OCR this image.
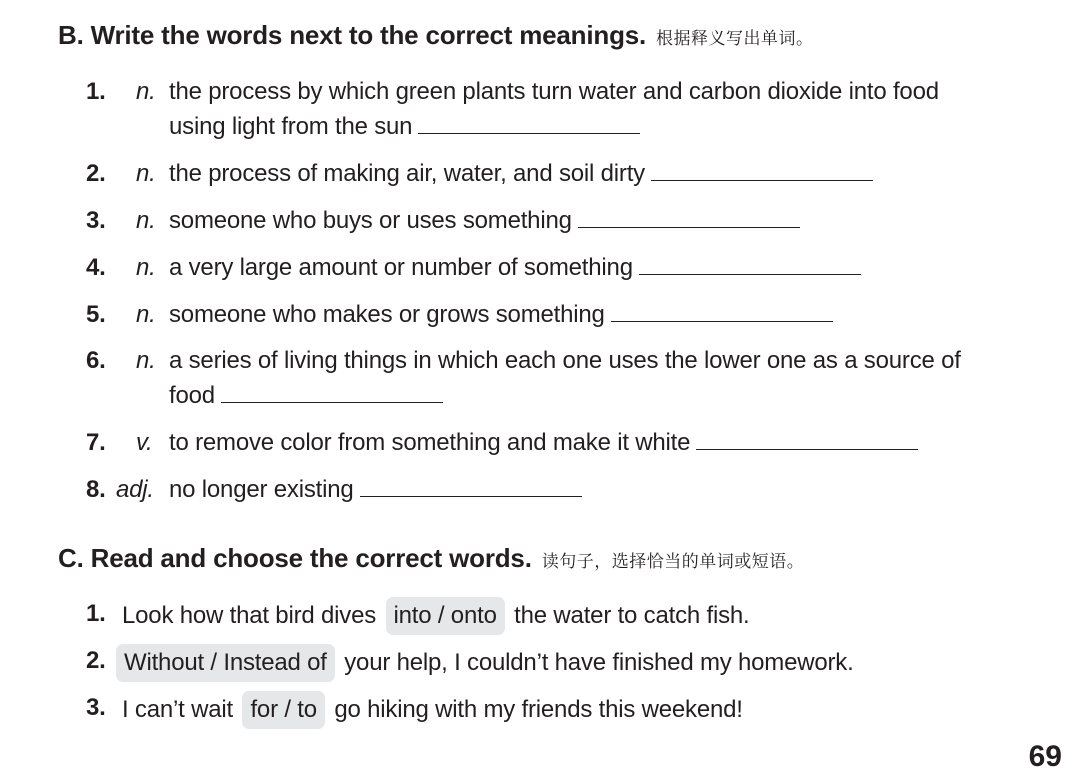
B. Write the words next to the correct meanings. 根据释义写出单词。
1. n. the process by which green plants turn water and carbon dioxide into food
using light from the sun
2. n. the process of making air, water, and soil dirty
3. n. someone who buys or uses something
4. n. a very large amount or number of something
5. n. someone who makes or grows something
6. n. a series of living things in which each one uses the lower one as a source of
food
7. v. to remove color from something and make it white
8. adj. no longer existing
C. Read and choose the correct words. 读句子，选择恰当的单词或短语。
1. Look how that bird dives into / onto the water to catch fish.
2. Without / Instead of your help, I couldn’t have finished my homework.
3. I can’t wait for / to go hiking with my friends this weekend!
69
